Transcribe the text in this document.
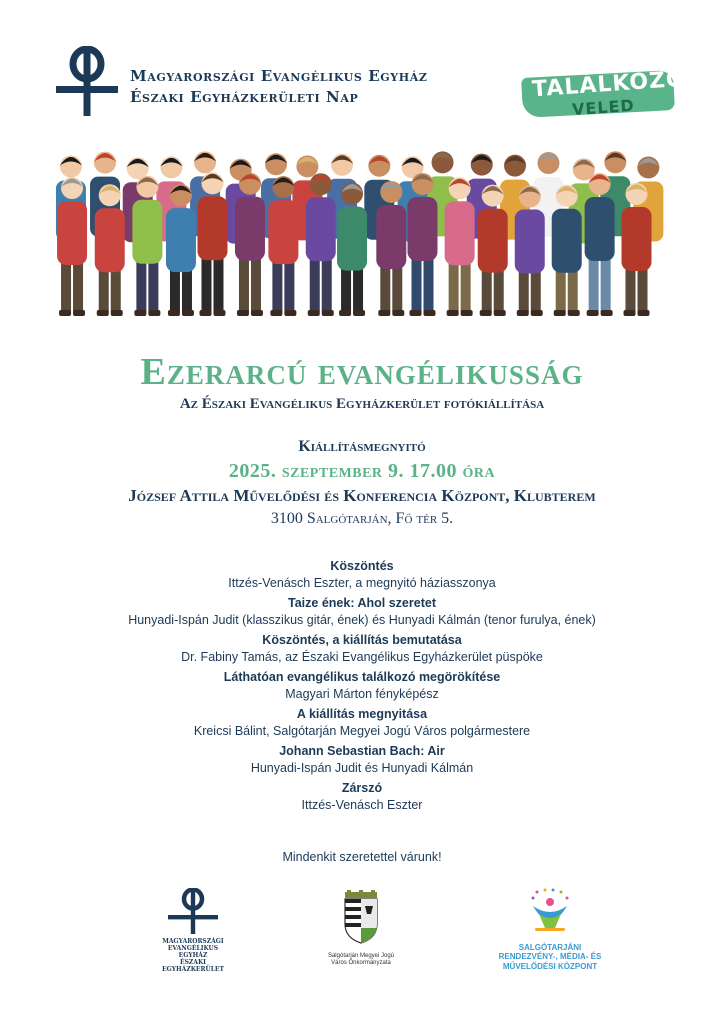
Magyarországi Evangélikus Egyház
Északi Egyházkerületi Nap	TALÁLKOZÓ
VELED
Ezerarcú evangélikusság
Az Északi Evangélikus Egyházkerület fotókiállítása
Kiállításmegnyitó
2025. szeptember 9. 17.00 óra
József Attila Művelődési és Konferencia Központ, Klubterem
3100 Salgótarján, Fő tér 5.
Köszöntés
Ittzés-Venásch Eszter, a megnyitó háziasszonya
Taize ének: Ahol szeretet
Hunyadi-Ispán Judit (klasszikus gitár, ének) és Hunyadi Kálmán (tenor furulya, ének)
Köszöntés, a kiállítás bemutatása
Dr. Fabiny Tamás, az Északi Evangélikus Egyházkerület püspöke
Láthatóan evangélikus találkozó megörökítése
Magyari Márton fényképész
A kiállítás megnyitása
Kreicsi Bálint, Salgótarján Megyei Jogú Város polgármestere
Johann Sebastian Bach: Air
Hunyadi-Ispán Judit és Hunyadi Kálmán
Zárszó
Ittzés-Venásch Eszter
Mindenkit szeretettel várunk!
MAGYARORSZÁGI
EVANGÉLIKUS EGYHÁZ
ÉSZAKI EGYHÁZKERÜLET
Salgótarján Megyei Jogú
Város Önkormányzata
SALGÓTARJÁNI
RENDEZVÉNY-, MÉDIA- ÉS
MŰVELŐDÉSI KÖZPONT
